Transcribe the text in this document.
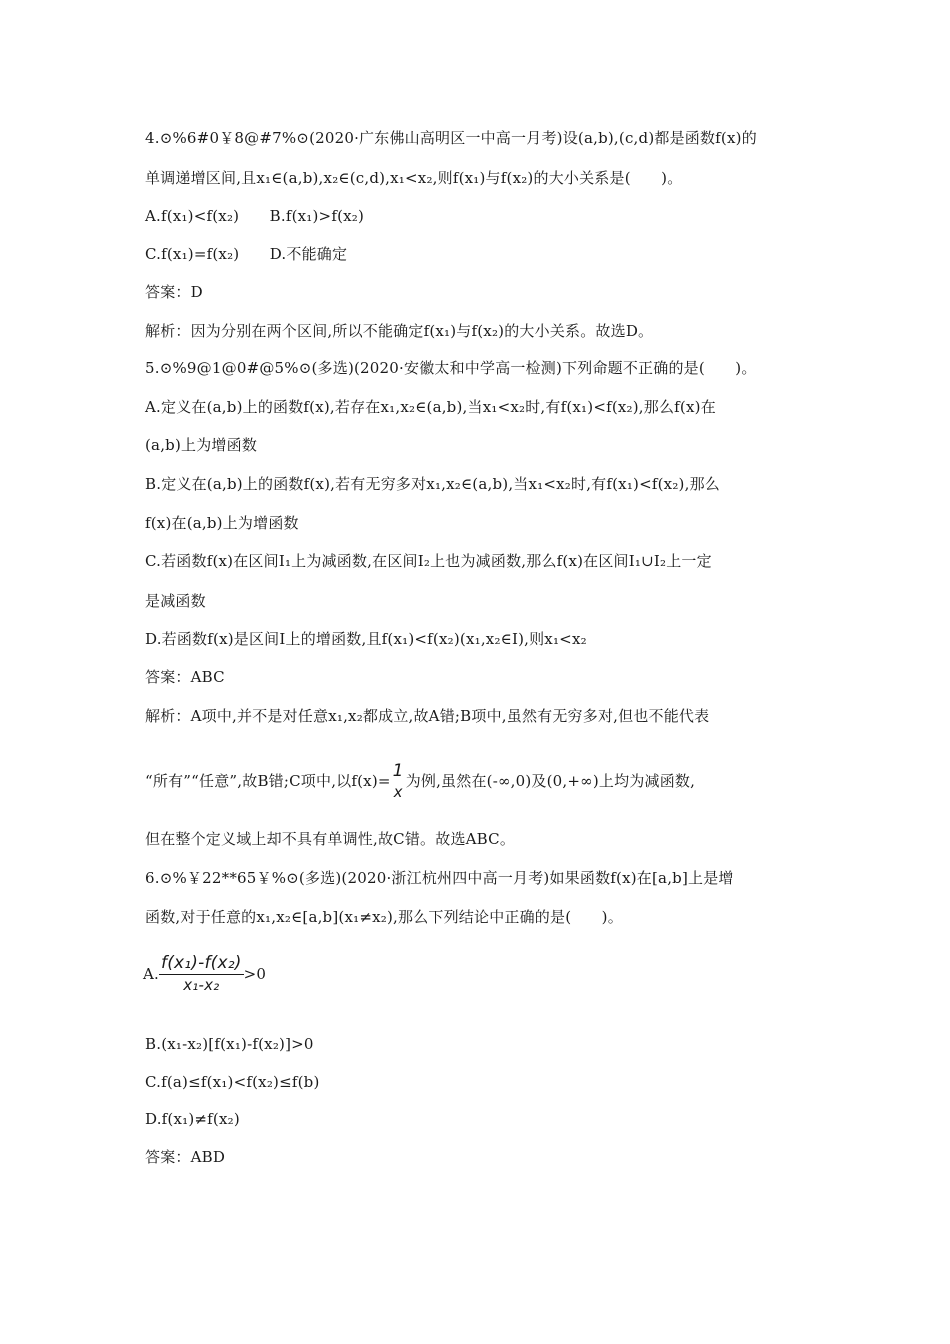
4.⊙%6#0￥8@#7%⊙(2020·广东佛山高明区一中高一月考)设(a,b),(c,d)都是函数f(x)的
单调递增区间,且x₁∈(a,b),x₂∈(c,d),x₁<x₂,则f(x₁)与f(x₂)的大小关系是(　　)。
A.f(x₁)<f(x₂)　　B.f(x₁)>f(x₂)
C.f(x₁)=f(x₂)　　D.不能确定
答案：D
解析：因为分别在两个区间,所以不能确定f(x₁)与f(x₂)的大小关系。故选D。
5.⊙%9@1@0#@5%⊙(多选)(2020·安徽太和中学高一检测)下列命题不正确的是(　　)。
A.定义在(a,b)上的函数f(x),若存在x₁,x₂∈(a,b),当x₁<x₂时,有f(x₁)<f(x₂),那么f(x)在
(a,b)上为增函数
B.定义在(a,b)上的函数f(x),若有无穷多对x₁,x₂∈(a,b),当x₁<x₂时,有f(x₁)<f(x₂),那么
f(x)在(a,b)上为增函数
C.若函数f(x)在区间I₁上为减函数,在区间I₂上也为减函数,那么f(x)在区间I₁∪I₂上一定
是减函数
D.若函数f(x)是区间I上的增函数,且f(x₁)<f(x₂)(x₁,x₂∈I),则x₁<x₂
答案：ABC
解析：A项中,并不是对任意x₁,x₂都成立,故A错;B项中,虽然有无穷多对,但也不能代表
“所有”“任意”,故B错;C项中,以f(x)= 1
x
为例,虽然在(-∞,0)及(0,+∞)上均为减函数,
但在整个定义域上却不具有单调性,故C错。故选ABC。
6.⊙%￥22**65￥%⊙(多选)(2020·浙江杭州四中高一月考)如果函数f(x)在[a,b]上是增
函数,对于任意的x₁,x₂∈[a,b](x₁≠x₂),那么下列结论中正确的是(　　)。
A. $\frac{\text{f(x₁)-f(x₂)}}{\text{x₁-x₂}} >0$
B.(x₁-x₂)[f(x₁)-f(x₂)]>0
C.f(a)≤f(x₁)<f(x₂)≤f(b)
D.f(x₁)≠f(x₂)
答案：ABD
